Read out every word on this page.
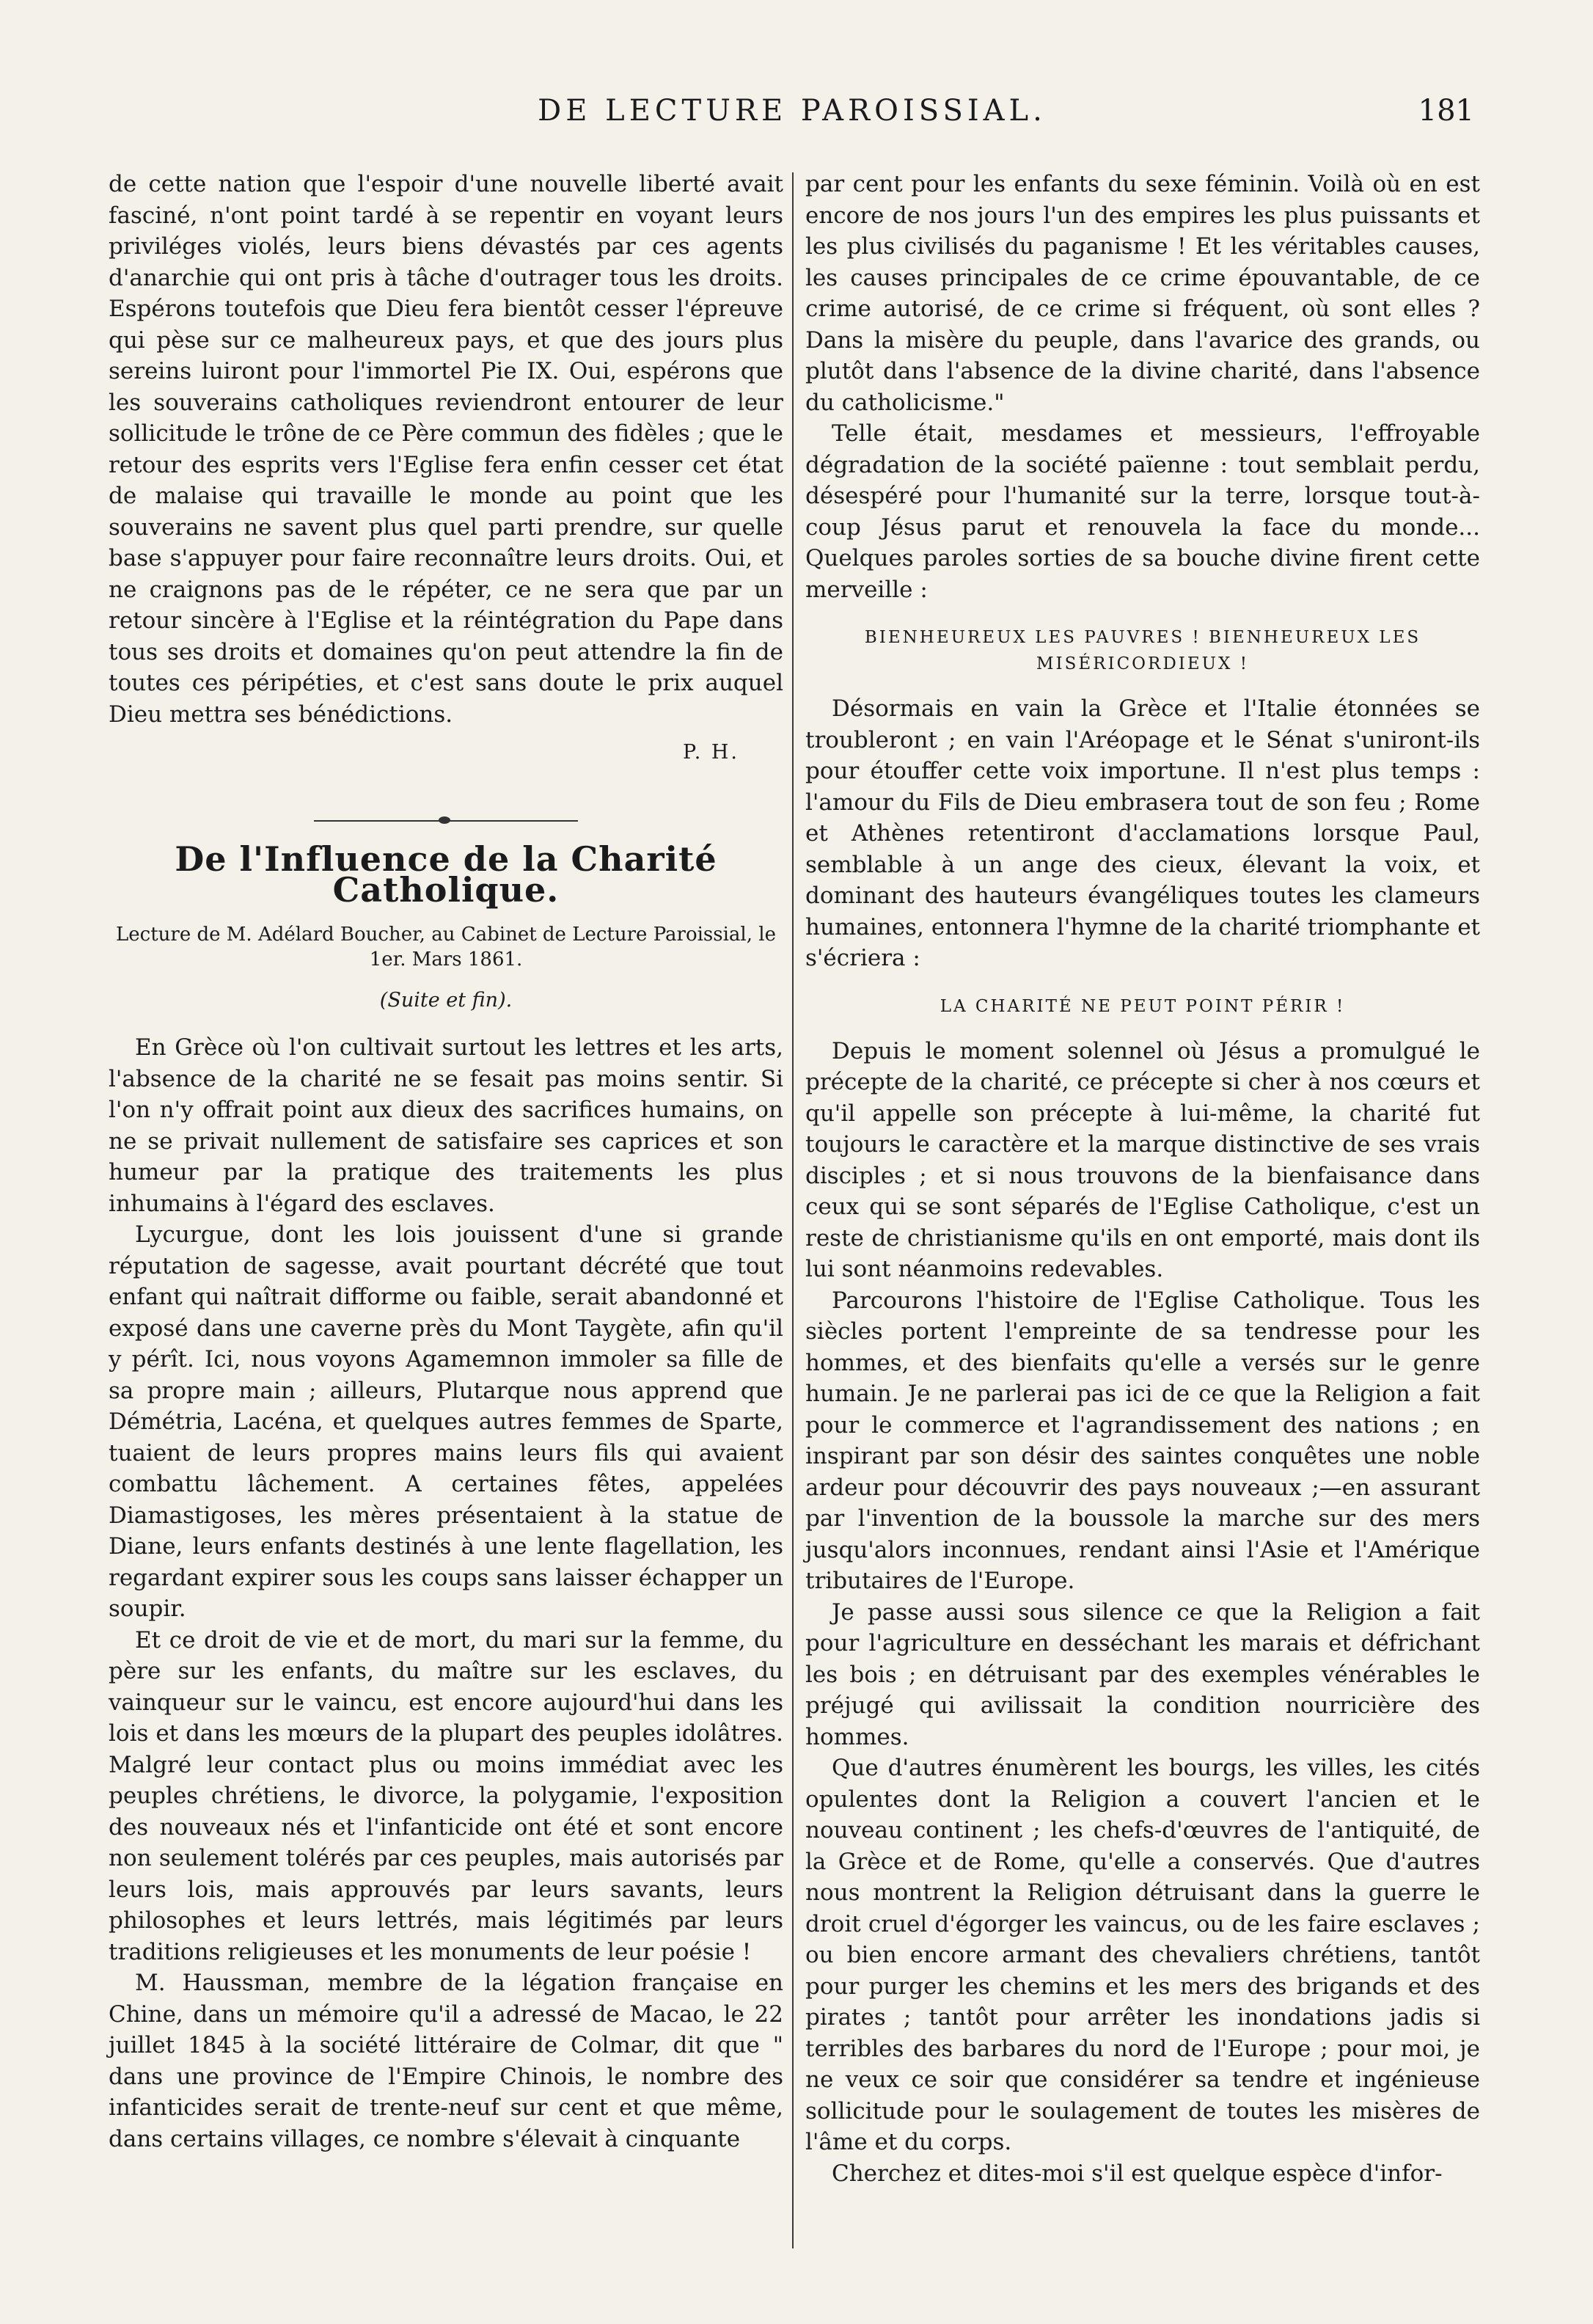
DE LECTURE PAROISSIAL.	181

de cette nation que l'espoir d'une nouvelle liberté avait fasciné, n'ont point tardé à se repentir en voyant leurs priviléges violés, leurs biens dévastés par ces agents d'anarchie qui ont pris à tâche d'outrager tous les droits. Espérons toutefois que Dieu fera bientôt cesser l'épreuve qui pèse sur ce malheureux pays, et que des jours plus sereins luiront pour l'immortel Pie IX. Oui, espérons que les souverains catholiques reviendront entourer de leur sollicitude le trône de ce Père commun des fidèles ; que le retour des esprits vers l'Eglise fera enfin cesser cet état de malaise qui travaille le monde au point que les souverains ne savent plus quel parti prendre, sur quelle base s'appuyer pour faire reconnaître leurs droits. Oui, et ne craignons pas de le répéter, ce ne sera que par un retour sincère à l'Eglise et la réintégration du Pape dans tous ses droits et domaines qu'on peut attendre la fin de toutes ces péripéties, et c'est sans doute le prix auquel Dieu mettra ses bénédictions.

P. H.
De l'Influence de la Charité Catholique.
Lecture de M. Adélard Boucher, au Cabinet de Lecture Paroissial, le 1er. Mars 1861.
(Suite et fin).

En Grèce où l'on cultivait surtout les lettres et les arts, l'absence de la charité ne se fesait pas moins sentir. Si l'on n'y offrait point aux dieux des sacrifices humains, on ne se privait nullement de satisfaire ses caprices et son humeur par la pratique des traitements les plus inhumains à l'égard des esclaves.

Lycurgue, dont les lois jouissent d'une si grande réputation de sagesse, avait pourtant décrété que tout enfant qui naîtrait difforme ou faible, serait abandonné et exposé dans une caverne près du Mont Taygète, afin qu'il y pérît. Ici, nous voyons Agamemnon immoler sa fille de sa propre main ; ailleurs, Plutarque nous apprend que Démétria, Lacéna, et quelques autres femmes de Sparte, tuaient de leurs propres mains leurs fils qui avaient combattu lâchement. A certaines fêtes, appelées Diamastigoses, les mères présentaient à la statue de Diane, leurs enfants destinés à une lente flagellation, les regardant expirer sous les coups sans laisser échapper un soupir.

Et ce droit de vie et de mort, du mari sur la femme, du père sur les enfants, du maître sur les esclaves, du vainqueur sur le vaincu, est encore aujourd'hui dans les lois et dans les mœurs de la plupart des peuples idolâtres. Malgré leur contact plus ou moins immédiat avec les peuples chrétiens, le divorce, la polygamie, l'exposition des nouveaux nés et l'infanticide ont été et sont encore non seulement tolérés par ces peuples, mais autorisés par leurs lois, mais approuvés par leurs savants, leurs philosophes et leurs lettrés, mais légitimés par leurs traditions religieuses et les monuments de leur poésie !

M. Haussman, membre de la légation française en Chine, dans un mémoire qu'il a adressé de Macao, le 22 juillet 1845 à la société littéraire de Colmar, dit que " dans une province de l'Empire Chinois, le nombre des infanticides serait de trente-neuf sur cent et que même, dans certains villages, ce nombre s'élevait à cinquante

par cent pour les enfants du sexe féminin. Voilà où en est encore de nos jours l'un des empires les plus puissants et les plus civilisés du paganisme ! Et les véritables causes, les causes principales de ce crime épouvantable, de ce crime autorisé, de ce crime si fréquent, où sont elles ? Dans la misère du peuple, dans l'avarice des grands, ou plutôt dans l'absence de la divine charité, dans l'absence du catholicisme."

Telle était, mesdames et messieurs, l'effroyable dégradation de la société païenne : tout semblait perdu, désespéré pour l'humanité sur la terre, lorsque tout-à-coup Jésus parut et renouvela la face du monde... Quelques paroles sorties de sa bouche divine firent cette merveille :

BIENHEUREUX LES PAUVRES ! BIENHEUREUX LES MISÉRICORDIEUX !

Désormais en vain la Grèce et l'Italie étonnées se troubleront ; en vain l'Aréopage et le Sénat s'uniront-ils pour étouffer cette voix importune. Il n'est plus temps : l'amour du Fils de Dieu embrasera tout de son feu ; Rome et Athènes retentiront d'acclamations lorsque Paul, semblable à un ange des cieux, élevant la voix, et dominant des hauteurs évangéliques toutes les clameurs humaines, entonnera l'hymne de la charité triomphante et s'écriera :

LA CHARITÉ NE PEUT POINT PÉRIR !

Depuis le moment solennel où Jésus a promulgué le précepte de la charité, ce précepte si cher à nos cœurs et qu'il appelle son précepte à lui-même, la charité fut toujours le caractère et la marque distinctive de ses vrais disciples ; et si nous trouvons de la bienfaisance dans ceux qui se sont séparés de l'Eglise Catholique, c'est un reste de christianisme qu'ils en ont emporté, mais dont ils lui sont néanmoins redevables.

Parcourons l'histoire de l'Eglise Catholique. Tous les siècles portent l'empreinte de sa tendresse pour les hommes, et des bienfaits qu'elle a versés sur le genre humain. Je ne parlerai pas ici de ce que la Religion a fait pour le commerce et l'agrandissement des nations ; en inspirant par son désir des saintes conquêtes une noble ardeur pour découvrir des pays nouveaux ;—en assurant par l'invention de la boussole la marche sur des mers jusqu'alors inconnues, rendant ainsi l'Asie et l'Amérique tributaires de l'Europe.

Je passe aussi sous silence ce que la Religion a fait pour l'agriculture en desséchant les marais et défrichant les bois ; en détruisant par des exemples vénérables le préjugé qui avilissait la condition nourricière des hommes.

Que d'autres énumèrent les bourgs, les villes, les cités opulentes dont la Religion a couvert l'ancien et le nouveau continent ; les chefs-d'œuvres de l'antiquité, de la Grèce et de Rome, qu'elle a conservés. Que d'autres nous montrent la Religion détruisant dans la guerre le droit cruel d'égorger les vaincus, ou de les faire esclaves ; ou bien encore armant des chevaliers chrétiens, tantôt pour purger les chemins et les mers des brigands et des pirates ; tantôt pour arrêter les inondations jadis si terribles des barbares du nord de l'Europe ; pour moi, je ne veux ce soir que considérer sa tendre et ingénieuse sollicitude pour le soulagement de toutes les misères de l'âme et du corps.

Cherchez et dites-moi s'il est quelque espèce d'infor-
